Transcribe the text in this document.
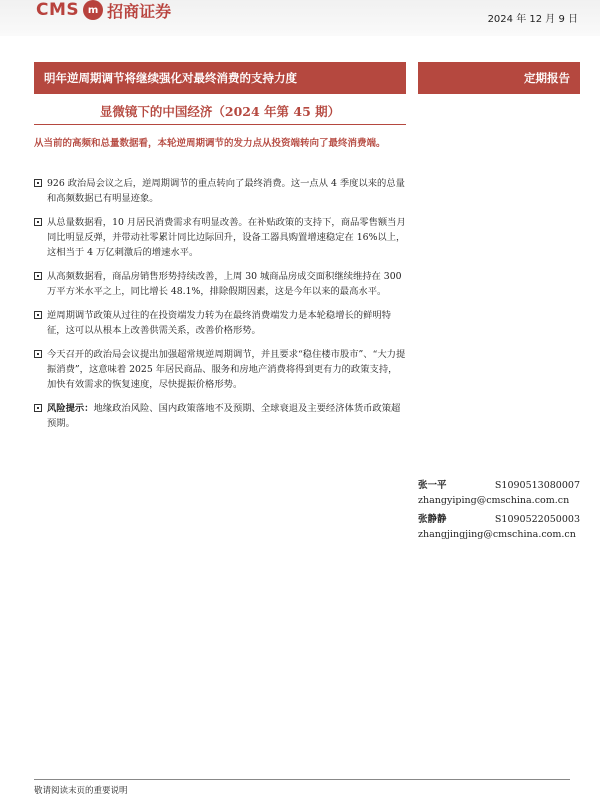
CMS m 招商证券	2024 年 12 月 9 日
明年逆周期调节将继续强化对最终消费的支持力度	定期报告
显微镜下的中国经济（2024 年第 45 期）
从当前的高频和总量数据看，本轮逆周期调节的发力点从投资端转向了最终消费端。
926 政治局会议之后，逆周期调节的重点转向了最终消费。这一点从 4 季度以来的总量和高频数据已有明显迹象。
从总量数据看，10 月居民消费需求有明显改善。在补贴政策的支持下，商品零售额当月同比明显反弹，并带动社零累计同比边际回升，设备工器具购置增速稳定在 16%以上，这相当于 4 万亿刺激后的增速水平。
从高频数据看，商品房销售形势持续改善，上周 30 城商品房成交面积继续维持在 300 万平方米水平之上，同比增长 48.1%，排除假期因素，这是今年以来的最高水平。
逆周期调节政策从过往的在投资端发力转为在最终消费端发力是本轮稳增长的鲜明特征，这可以从根本上改善供需关系，改善价格形势。
今天召开的政治局会议提出加强超常规逆周期调节，并且要求“稳住楼市股市”、“大力提振消费”，这意味着 2025 年居民商品、服务和房地产消费将得到更有力的政策支持，加快有效需求的恢复速度，尽快提振价格形势。
风险提示：地缘政治风险、国内政策落地不及预期、全球衰退及主要经济体货币政策超预期。
张一平	S1090513080007
zhangyiping@cmschina.com.cn
张静静	S1090522050003
zhangjingjing@cmschina.com.cn
敬请阅读末页的重要说明
